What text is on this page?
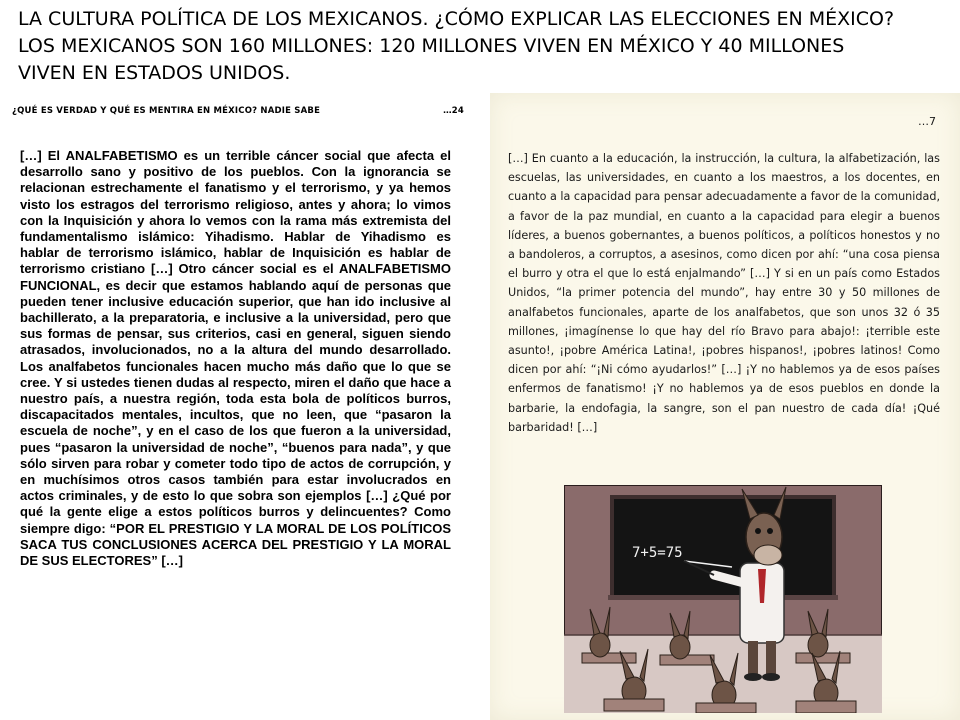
LA CULTURA POLÍTICA DE LOS MEXICANOS. ¿CÓMO EXPLICAR LAS ELECCIONES EN MÉXICO?
LOS MEXICANOS SON 160 MILLONES: 120 MILLONES VIVEN EN MÉXICO Y 40 MILLONES
VIVEN EN ESTADOS UNIDOS.
¿QUÉ ES VERDAD Y QUÉ ES MENTIRA EN MÉXICO? NADIE SABE	…24

[…] El ANALFABETISMO es un terrible cáncer social que afecta el desarrollo sano y positivo de los pueblos. Con la ignorancia se relacionan estrechamente el fanatismo y el terrorismo, y ya hemos visto los estragos del terrorismo religioso, antes y ahora; lo vimos con la Inquisición y ahora lo vemos con la rama más extremista del fundamentalismo islámico: Yihadismo. Hablar de Yihadismo es hablar de terrorismo islámico, hablar de Inquisición es hablar de terrorismo cristiano […] Otro cáncer social es el ANALFABETISMO FUNCIONAL, es decir que estamos hablando aquí de personas que pueden tener inclusive educación superior, que han ido inclusive al bachillerato, a la preparatoria, e inclusive a la universidad, pero que sus formas de pensar, sus criterios, casi en general, siguen siendo atrasados, involucionados, no a la altura del mundo desarrollado. Los analfabetos funcionales hacen mucho más daño que lo que se cree. Y si ustedes tienen dudas al respecto, miren el daño que hace a nuestro país, a nuestra región, toda esta bola de políticos burros, discapacitados mentales, incultos, que no leen, que “pasaron la escuela de noche”, y en el caso de los que fueron a la universidad, pues “pasaron la universidad de noche”, “buenos para nada”, y que sólo sirven para robar y cometer todo tipo de actos de corrupción, y en muchísimos otros casos también para estar involucrados en actos criminales, y de esto lo que sobra son ejemplos […] ¿Qué por qué la gente elige a estos políticos burros y delincuentes? Como siempre digo: “POR EL PRESTIGIO Y LA MORAL DE LOS POLÍTICOS SACA TUS CONCLUSIONES ACERCA DEL PRESTIGIO Y LA MORAL DE SUS ELECTORES” […]

…7

[…] En cuanto a la educación, la instrucción, la cultura, la alfabetización, las escuelas, las universidades, en cuanto a los maestros, a los docentes, en cuanto a la capacidad para pensar adecuadamente a favor de la comunidad, a favor de la paz mundial, en cuanto a la capacidad para elegir a buenos líderes, a buenos gobernantes, a buenos políticos, a políticos honestos y no a bandoleros, a corruptos, a asesinos, como dicen por ahí: “una cosa piensa el burro y otra el que lo está enjalmando” […] Y si en un país como Estados Unidos, “la primer potencia del mundo”, hay entre 30 y 50 millones de analfabetos funcionales, aparte de los analfabetos, que son unos 32 ó 35 millones, ¡imagínense lo que hay del río Bravo para abajo!: ¡terrible este asunto!, ¡pobre América Latina!, ¡pobres hispanos!, ¡pobres latinos! Como dicen por ahí: “¡Ni cómo ayudarlos!” […] ¡Y no hablemos ya de esos países enfermos de fanatismo! ¡Y no hablemos ya de esos pueblos en donde la barbarie, la endofagia, la sangre, son el pan nuestro de cada día! ¡Qué barbaridad! […]

7+5=75
